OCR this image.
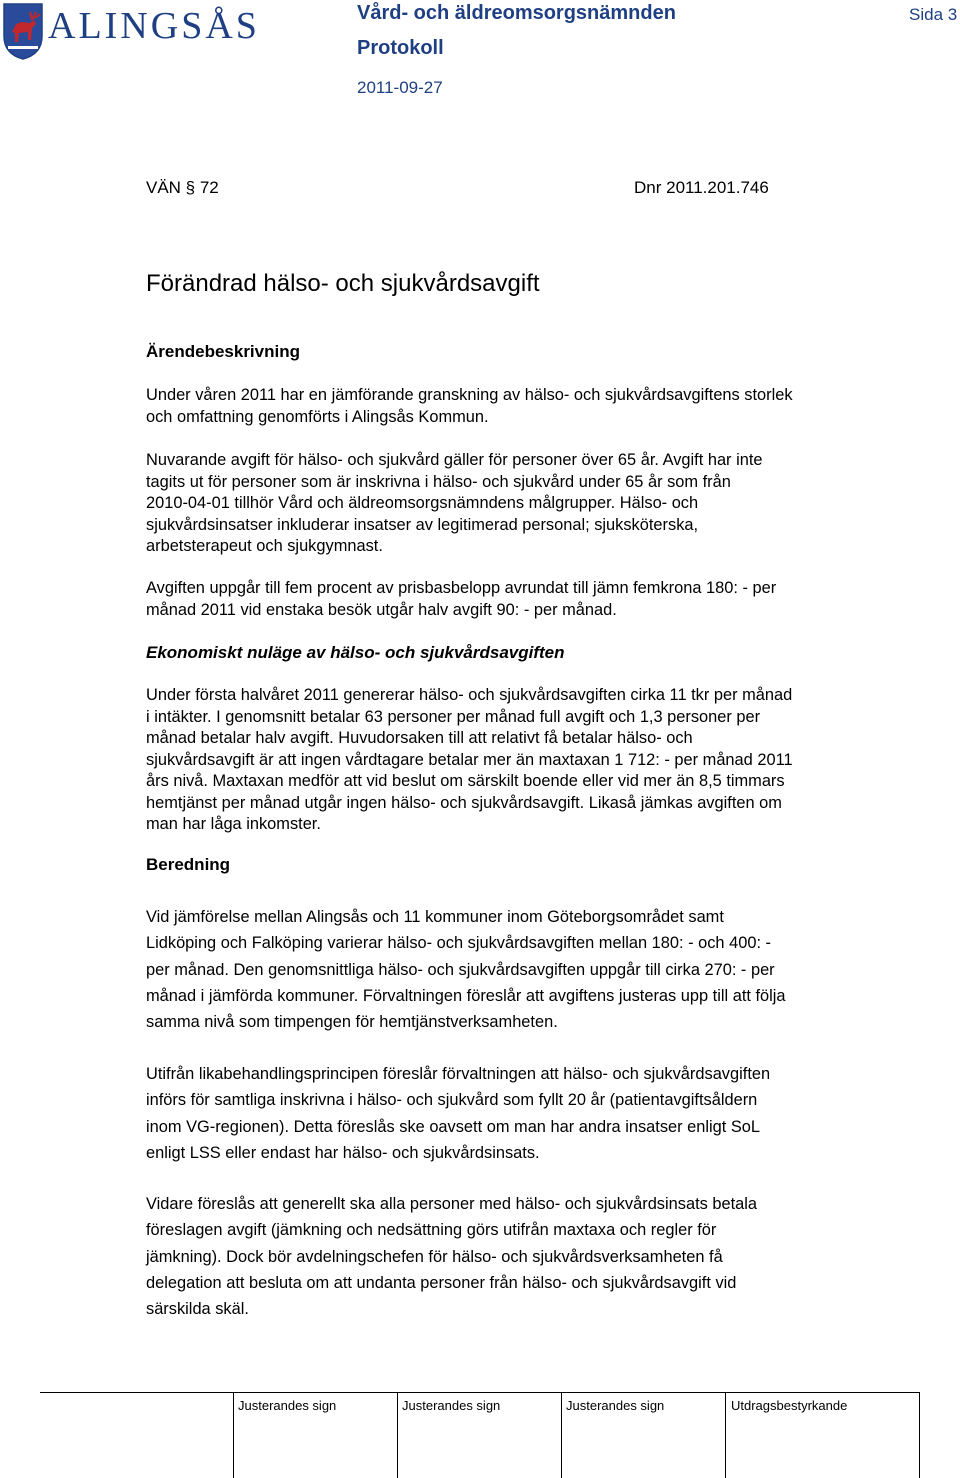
ALINGSÅS	Vård- och äldreomsorgsnämnden
Protokoll
2011-09-27
Sida 3
VÄN § 72	Dnr 2011.201.746
Förändrad hälso- och sjukvårdsavgift
Ärendebeskrivning
Under våren 2011 har en jämförande granskning av hälso- och sjukvårdsavgiftens storlek
och omfattning genomförts i Alingsås Kommun.
Nuvarande avgift för hälso- och sjukvård gäller för personer över 65 år. Avgift har inte
tagits ut för personer som är inskrivna i hälso- och sjukvård under 65 år som från
2010-04-01 tillhör Vård och äldreomsorgsnämndens målgrupper. Hälso- och
sjukvårdsinsatser inkluderar insatser av legitimerad personal; sjuksköterska,
arbetsterapeut och sjukgymnast.
Avgiften uppgår till fem procent av prisbasbelopp avrundat till jämn femkrona 180: - per
månad 2011 vid enstaka besök utgår halv avgift 90: - per månad.
Ekonomiskt nuläge av hälso- och sjukvårdsavgiften
Under första halvåret 2011 genererar hälso- och sjukvårdsavgiften cirka 11 tkr per månad
i intäkter. I genomsnitt betalar 63 personer per månad full avgift och 1,3 personer per
månad betalar halv avgift. Huvudorsaken till att relativt få betalar hälso- och
sjukvårdsavgift är att ingen vårdtagare betalar mer än maxtaxan 1 712: - per månad 2011
års nivå. Maxtaxan medför att vid beslut om särskilt boende eller vid mer än 8,5 timmars
hemtjänst per månad utgår ingen hälso- och sjukvårdsavgift. Likaså jämkas avgiften om
man har låga inkomster.
Beredning
Vid jämförelse mellan Alingsås och 11 kommuner inom Göteborgsområdet samt
Lidköping och Falköping varierar hälso- och sjukvårdsavgiften mellan 180: - och 400: -
per månad. Den genomsnittliga hälso- och sjukvårdsavgiften uppgår till cirka 270: - per
månad i jämförda kommuner. Förvaltningen föreslår att avgiftens justeras upp till att följa
samma nivå som timpengen för hemtjänstverksamheten.
Utifrån likabehandlingsprincipen föreslår förvaltningen att hälso- och sjukvårdsavgiften
införs för samtliga inskrivna i hälso- och sjukvård som fyllt 20 år (patientavgiftsåldern
inom VG-regionen). Detta föreslås ske oavsett om man har andra insatser enligt SoL
enligt LSS eller endast har hälso- och sjukvårdsinsats.
Vidare föreslås att generellt ska alla personer med hälso- och sjukvårdsinsats betala
föreslagen avgift (jämkning och nedsättning görs utifrån maxtaxa och regler för
jämkning). Dock bör avdelningschefen för hälso- och sjukvårdsverksamheten få
delegation att besluta om att undanta personer från hälso- och sjukvårdsavgift vid
särskilda skäl.
Justerandes sign	Justerandes sign	Justerandes sign	Utdragsbestyrkande
